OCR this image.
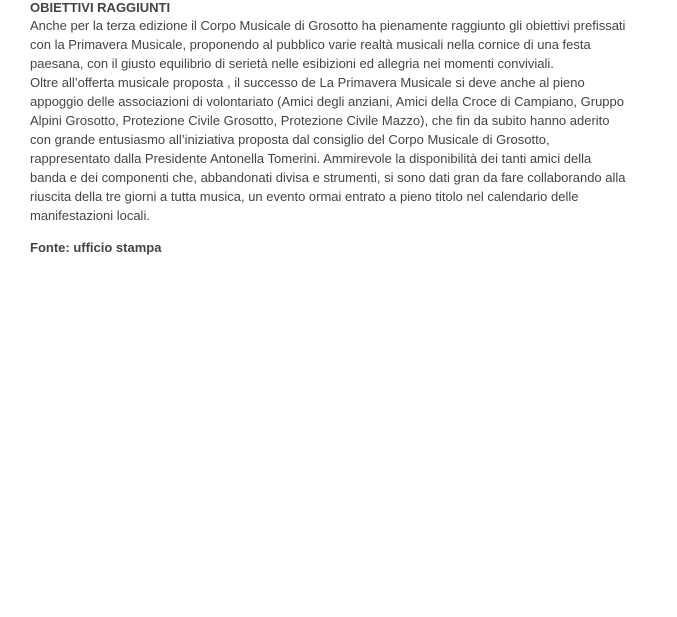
OBIETTIVI RAGGIUNTI

Anche per la terza edizione il Corpo Musicale di Grosotto ha pienamente raggiunto gli obiettivi prefissati
con la Primavera Musicale, proponendo al pubblico varie realtà musicali nella cornice di una festa
paesana, con il giusto equilibrio di serietà nelle esibizioni ed allegria nei momenti conviviali.

Oltre all’offerta musicale proposta , il successo de La Primavera Musicale si deve anche al pieno
appoggio delle associazioni di volontariato (Amici degli anziani, Amici della Croce di Campiano, Gruppo
Alpini Grosotto, Protezione Civile Grosotto, Protezione Civile Mazzo), che fin da subito hanno aderito
con grande entusiasmo all’iniziativa proposta dal consiglio del Corpo Musicale di Grosotto,
rappresentato dalla Presidente Antonella Tomerini. Ammirevole la disponibilità dei tanti amici della
banda e dei componenti che, abbandonati divisa e strumenti, si sono dati gran da fare collaborando alla
riuscita della tre giorni a tutta musica, un evento ormai entrato a pieno titolo nel calendario delle
manifestazioni locali.

Fonte: ufficio stampa
